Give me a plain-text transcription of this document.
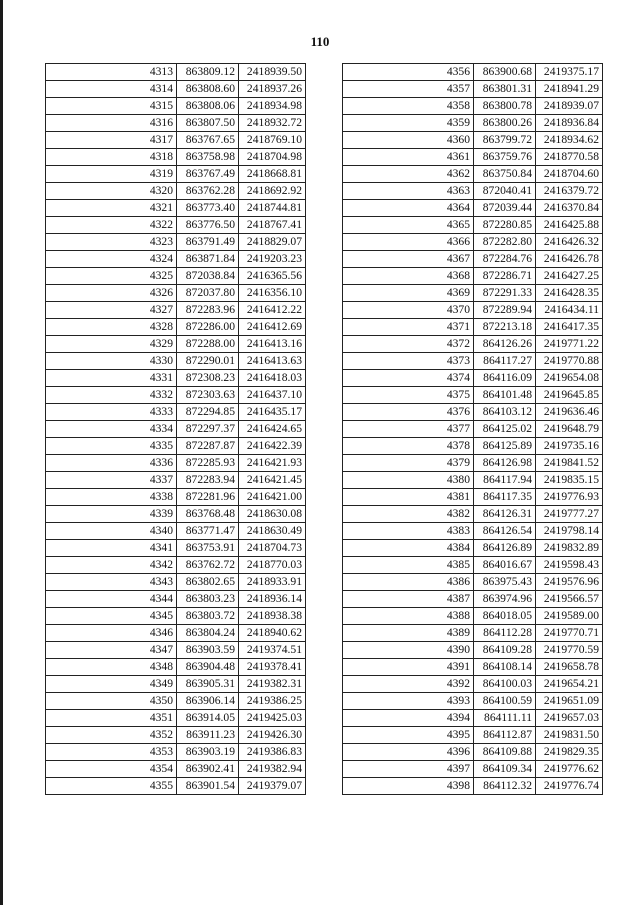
110
4313	863809.12	2418939.50
4314	863808.60	2418937.26
4315	863808.06	2418934.98
4316	863807.50	2418932.72
4317	863767.65	2418769.10
4318	863758.98	2418704.98
4319	863767.49	2418668.81
4320	863762.28	2418692.92
4321	863773.40	2418744.81
4322	863776.50	2418767.41
4323	863791.49	2418829.07
4324	863871.84	2419203.23
4325	872038.84	2416365.56
4326	872037.80	2416356.10
4327	872283.96	2416412.22
4328	872286.00	2416412.69
4329	872288.00	2416413.16
4330	872290.01	2416413.63
4331	872308.23	2416418.03
4332	872303.63	2416437.10
4333	872294.85	2416435.17
4334	872297.37	2416424.65
4335	872287.87	2416422.39
4336	872285.93	2416421.93
4337	872283.94	2416421.45
4338	872281.96	2416421.00
4339	863768.48	2418630.08
4340	863771.47	2418630.49
4341	863753.91	2418704.73
4342	863762.72	2418770.03
4343	863802.65	2418933.91
4344	863803.23	2418936.14
4345	863803.72	2418938.38
4346	863804.24	2418940.62
4347	863903.59	2419374.51
4348	863904.48	2419378.41
4349	863905.31	2419382.31
4350	863906.14	2419386.25
4351	863914.05	2419425.03
4352	863911.23	2419426.30
4353	863903.19	2419386.83
4354	863902.41	2419382.94
4355	863901.54	2419379.07
4356	863900.68	2419375.17
4357	863801.31	2418941.29
4358	863800.78	2418939.07
4359	863800.26	2418936.84
4360	863799.72	2418934.62
4361	863759.76	2418770.58
4362	863750.84	2418704.60
4363	872040.41	2416379.72
4364	872039.44	2416370.84
4365	872280.85	2416425.88
4366	872282.80	2416426.32
4367	872284.76	2416426.78
4368	872286.71	2416427.25
4369	872291.33	2416428.35
4370	872289.94	2416434.11
4371	872213.18	2416417.35
4372	864126.26	2419771.22
4373	864117.27	2419770.88
4374	864116.09	2419654.08
4375	864101.48	2419645.85
4376	864103.12	2419636.46
4377	864125.02	2419648.79
4378	864125.89	2419735.16
4379	864126.98	2419841.52
4380	864117.94	2419835.15
4381	864117.35	2419776.93
4382	864126.31	2419777.27
4383	864126.54	2419798.14
4384	864126.89	2419832.89
4385	864016.67	2419598.43
4386	863975.43	2419576.96
4387	863974.96	2419566.57
4388	864018.05	2419589.00
4389	864112.28	2419770.71
4390	864109.28	2419770.59
4391	864108.14	2419658.78
4392	864100.03	2419654.21
4393	864100.59	2419651.09
4394	864111.11	2419657.03
4395	864112.87	2419831.50
4396	864109.88	2419829.35
4397	864109.34	2419776.62
4398	864112.32	2419776.74
